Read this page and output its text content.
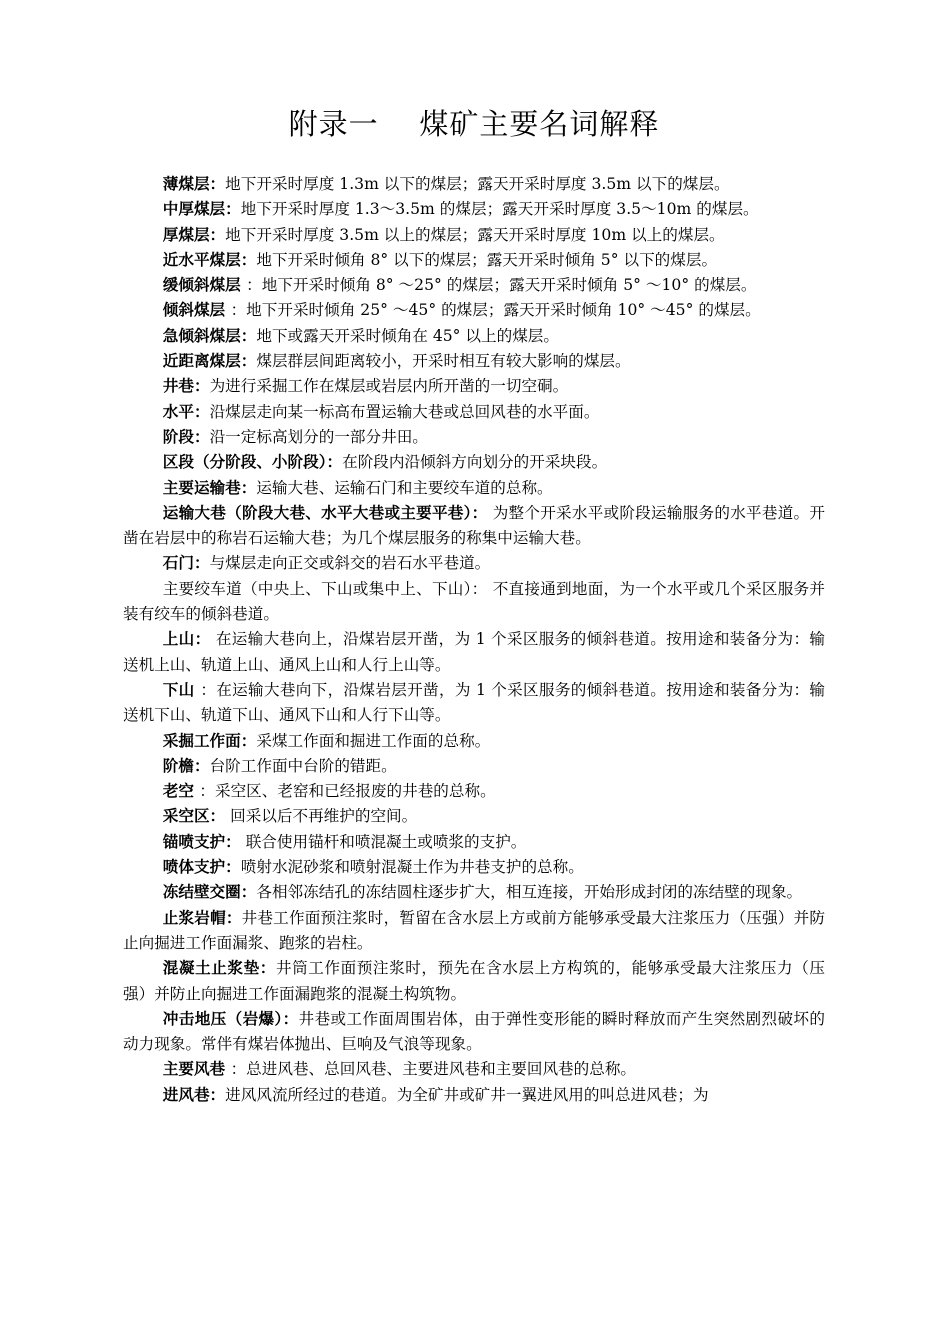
附录一    煤矿主要名词解释

薄煤层：地下开采时厚度 1.3m 以下的煤层；露天开采时厚度 3.5m 以下的煤层。

中厚煤层：地下开采时厚度 1.3～3.5m 的煤层；露天开采时厚度 3.5～10m 的煤层。

厚煤层：地下开采时厚度 3.5m 以上的煤层；露天开采时厚度 10m 以上的煤层。

近水平煤层：地下开采时倾角 8° 以下的煤层；露天开采时倾角 5° 以下的煤层。

缓倾斜煤层 ：地下开采时倾角 8° ～25° 的煤层；露天开采时倾角 5° ～10° 的煤层。

倾斜煤层 ：地下开采时倾角 25° ～45° 的煤层；露天开采时倾角 10° ～45° 的煤层。

急倾斜煤层：地下或露天开采时倾角在 45° 以上的煤层。

近距离煤层：煤层群层间距离较小，开采时相互有较大影响的煤层。

井巷：为进行采掘工作在煤层或岩层内所开凿的一切空硐。

水平：沿煤层走向某一标高布置运输大巷或总回风巷的水平面。

阶段：沿一定标高划分的一部分井田。

区段（分阶段、小阶段）：在阶段内沿倾斜方向划分的开采块段。

主要运输巷：运输大巷、运输石门和主要绞车道的总称。

运输大巷（阶段大巷、水平大巷或主要平巷）： 为整个开采水平或阶段运输服务的水平巷道。开凿在岩层中的称岩石运输大巷；为几个煤层服务的称集中运输大巷。

石门：与煤层走向正交或斜交的岩石水平巷道。

主要绞车道（中央上、下山或集中上、下山）： 不直接通到地面，为一个水平或几个采区服务并装有绞车的倾斜巷道。

上山： 在运输大巷向上，沿煤岩层开凿，为 1 个采区服务的倾斜巷道。按用途和装备分为：输送机上山、轨道上山、通风上山和人行上山等。

下山 ：在运输大巷向下，沿煤岩层开凿，为 1 个采区服务的倾斜巷道。按用途和装备分为：输送机下山、轨道下山、通风下山和人行下山等。

采掘工作面：采煤工作面和掘进工作面的总称。

阶檐：台阶工作面中台阶的错距。

老空 ：采空区、老窑和已经报废的井巷的总称。

采空区： 回采以后不再维护的空间。

锚喷支护： 联合使用锚杆和喷混凝土或喷浆的支护。

喷体支护：喷射水泥砂浆和喷射混凝土作为井巷支护的总称。

冻结壁交圈：各相邻冻结孔的冻结圆柱逐步扩大，相互连接，开始形成封闭的冻结壁的现象。

止浆岩帽：井巷工作面预注浆时，暂留在含水层上方或前方能够承受最大注浆压力（压强）并防止向掘进工作面漏浆、跑浆的岩柱。

混凝土止浆垫：井筒工作面预注浆时，预先在含水层上方构筑的，能够承受最大注浆压力（压强）并防止向掘进工作面漏跑浆的混凝土构筑物。

冲击地压（岩爆）：井巷或工作面周围岩体，由于弹性变形能的瞬时释放而产生突然剧烈破坏的动力现象。常伴有煤岩体抛出、巨响及气浪等现象。

主要风巷 ：总进风巷、总回风巷、主要进风巷和主要回风巷的总称。

进风巷：进风风流所经过的巷道。为全矿井或矿井一翼进风用的叫总进风巷；为
